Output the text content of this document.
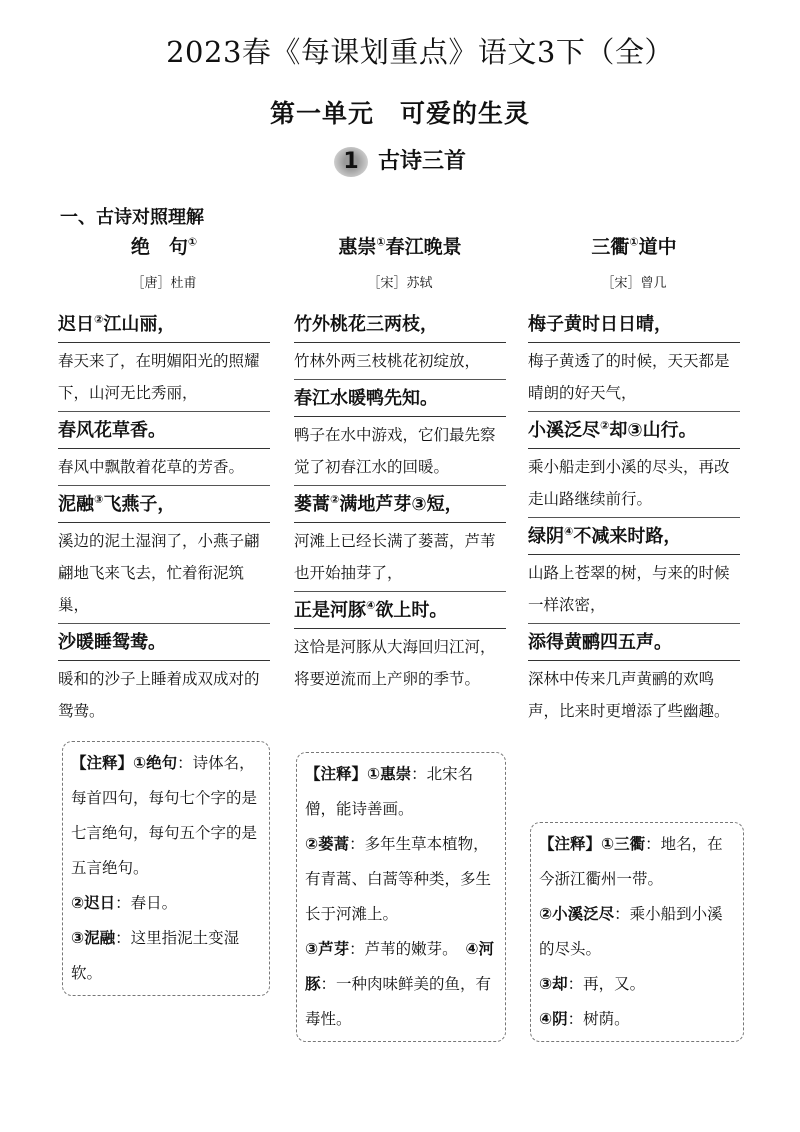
2023春《每课划重点》语文3下（全）
第一单元　可爱的生灵
1 古诗三首
一、古诗对照理解
绝　句①
［唐］杜甫
迟日②江山丽，
春天来了，在明媚阳光的照耀下，山河无比秀丽，
春风花草香。
春风中飘散着花草的芳香。
泥融③飞燕子，
溪边的泥土湿润了，小燕子翩翩地飞来飞去，忙着衔泥筑巢，
沙暖睡鸳鸯。
暖和的沙子上睡着成双成对的鸳鸯。
惠崇①春江晚景
［宋］苏轼
竹外桃花三两枝，
竹林外两三枝桃花初绽放，
春江水暖鸭先知。
鸭子在水中游戏，它们最先察觉了初春江水的回暖。
蒌蒿②满地芦芽③短，
河滩上已经长满了蒌蒿，芦苇也开始抽芽了，
正是河豚④欲上时。
这恰是河豚从大海回归江河，将要逆流而上产卵的季节。
三衢①道中
［宋］曾几
梅子黄时日日晴，
梅子黄透了的时候，天天都是晴朗的好天气，
小溪泛尽②却③山行。
乘小船走到小溪的尽头，再改走山路继续前行。
绿阴④不减来时路，
山路上苍翠的树，与来的时候一样浓密，
添得黄鹂四五声。
深林中传来几声黄鹂的欢鸣声，比来时更增添了些幽趣。
【注释】①绝句：诗体名，每首四句，每句七个字的是七言绝句，每句五个字的是五言绝句。
②迟日：春日。
③泥融：这里指泥土变湿软。
【注释】①惠崇：北宋名僧，能诗善画。
②蒌蒿：多年生草本植物，有青蒿、白蒿等种类，多生长于河滩上。
③芦芽：芦苇的嫩芽。　 ④河豚：一种肉味鲜美的鱼，有毒性。
【注释】①三衢：地名，在今浙江衢州一带。
②小溪泛尽：乘小船到小溪的尽头。
③却：再，又。
④阴：树荫。
